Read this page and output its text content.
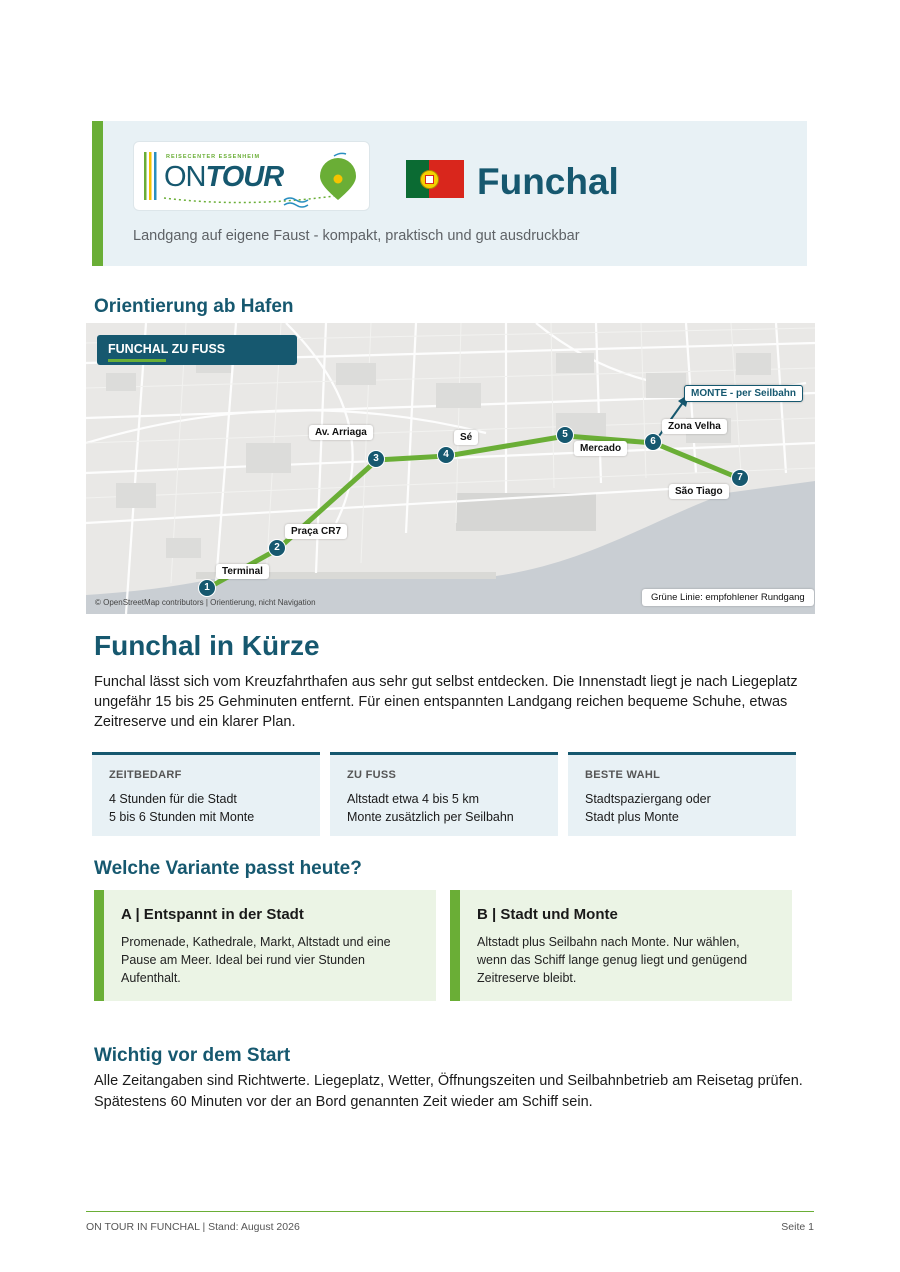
REISECENTER ESSENHEIM
ONTOUR	Funchal
Landgang auf eigene Faust - kompakt, praktisch und gut ausdruckbar
Orientierung ab Hafen
FUNCHAL ZU FUSS
Terminal
Praça CR7
Av. Arriaga	Sé
Mercado
Zona Velha
São Tiago
MONTE - per Seilbahn
1
2
3	4
5
6
7
© OpenStreetMap contributors | Orientierung, nicht Navigation	Grüne Linie: empfohlener Rundgang
Funchal in Kürze

Funchal lässt sich vom Kreuzfahrthafen aus sehr gut selbst entdecken. Die Innenstadt liegt je nach Liegeplatz ungefähr 15 bis 25 Gehminuten entfernt. Für einen entspannten Landgang reichen bequeme Schuhe, etwas Zeitreserve und ein klarer Plan.

ZEITBEDARF
4 Stunden für die Stadt
5 bis 6 Stunden mit Monte
ZU FUSS
Altstadt etwa 4 bis 5 km
Monte zusätzlich per Seilbahn
BESTE WAHL
Stadtspaziergang oder
Stadt plus Monte
Welche Variante passt heute?
A | Entspannt in der Stadt

Promenade, Kathedrale, Markt, Altstadt und eine Pause am Meer. Ideal bei rund vier Stunden Aufenthalt.

B | Stadt und Monte

Altstadt plus Seilbahn nach Monte. Nur wählen, wenn das Schiff lange genug liegt und genügend Zeitreserve bleibt.

Wichtig vor dem Start

Alle Zeitangaben sind Richtwerte. Liegeplatz, Wetter, Öffnungszeiten und Seilbahnbetrieb am Reisetag prüfen. Spätestens 60 Minuten vor der an Bord genannten Zeit wieder am Schiff sein.

ON TOUR IN FUNCHAL | Stand: August 2026	Seite 1
